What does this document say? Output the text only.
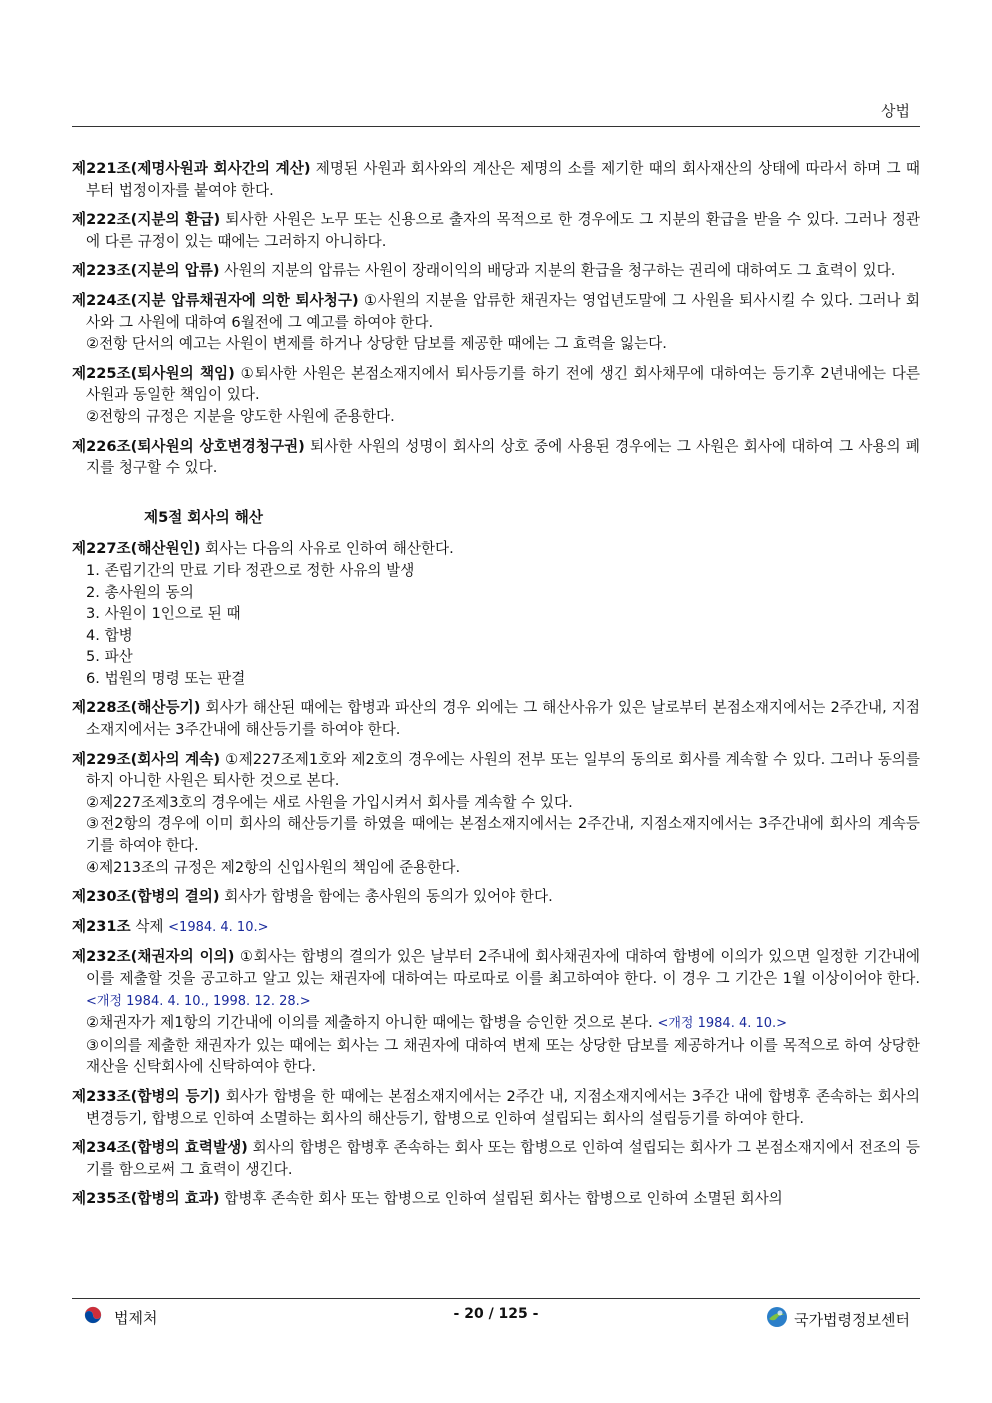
상법
제221조(제명사원과 회사간의 계산) 제명된 사원과 회사와의 계산은 제명의 소를 제기한 때의 회사재산의 상태에 따라서 하며 그 때부터 법정이자를 붙여야 한다.
제222조(지분의 환급) 퇴사한 사원은 노무 또는 신용으로 출자의 목적으로 한 경우에도 그 지분의 환급을 받을 수 있다. 그러나 정관에 다른 규정이 있는 때에는 그러하지 아니하다.
제223조(지분의 압류) 사원의 지분의 압류는 사원이 장래이익의 배당과 지분의 환급을 청구하는 권리에 대하여도 그 효력이 있다.
제224조(지분 압류채권자에 의한 퇴사청구) ①사원의 지분을 압류한 채권자는 영업년도말에 그 사원을 퇴사시킬 수 있다. 그러나 회사와 그 사원에 대하여 6월전에 그 예고를 하여야 한다.
②전항 단서의 예고는 사원이 변제를 하거나 상당한 담보를 제공한 때에는 그 효력을 잃는다.
제225조(퇴사원의 책임) ①퇴사한 사원은 본점소재지에서 퇴사등기를 하기 전에 생긴 회사채무에 대하여는 등기후 2년내에는 다른 사원과 동일한 책임이 있다.
②전항의 규정은 지분을 양도한 사원에 준용한다.
제226조(퇴사원의 상호변경청구권) 퇴사한 사원의 성명이 회사의 상호 중에 사용된 경우에는 그 사원은 회사에 대하여 그 사용의 폐지를 청구할 수 있다.
제5절 회사의 해산
제227조(해산원인) 회사는 다음의 사유로 인하여 해산한다.
1. 존립기간의 만료 기타 정관으로 정한 사유의 발생
2. 총사원의 동의
3. 사원이 1인으로 된 때
4. 합병
5. 파산
6. 법원의 명령 또는 판결
제228조(해산등기) 회사가 해산된 때에는 합병과 파산의 경우 외에는 그 해산사유가 있은 날로부터 본점소재지에서는 2주간내, 지점소재지에서는 3주간내에 해산등기를 하여야 한다.
제229조(회사의 계속) ①제227조제1호와 제2호의 경우에는 사원의 전부 또는 일부의 동의로 회사를 계속할 수 있다. 그러나 동의를 하지 아니한 사원은 퇴사한 것으로 본다.
②제227조제3호의 경우에는 새로 사원을 가입시켜서 회사를 계속할 수 있다.
③전2항의 경우에 이미 회사의 해산등기를 하였을 때에는 본점소재지에서는 2주간내, 지점소재지에서는 3주간내에 회사의 계속등기를 하여야 한다.
④제213조의 규정은 제2항의 신입사원의 책임에 준용한다.
제230조(합병의 결의) 회사가 합병을 함에는 총사원의 동의가 있어야 한다.
제231조 삭제 <1984. 4. 10.>
제232조(채권자의 이의) ①회사는 합병의 결의가 있은 날부터 2주내에 회사채권자에 대하여 합병에 이의가 있으면 일정한 기간내에 이를 제출할 것을 공고하고 알고 있는 채권자에 대하여는 따로따로 이를 최고하여야 한다. 이 경우 그 기간은 1월 이상이어야 한다. <개정 1984. 4. 10., 1998. 12. 28.>
②채권자가 제1항의 기간내에 이의를 제출하지 아니한 때에는 합병을 승인한 것으로 본다. <개정 1984. 4. 10.>
③이의를 제출한 채권자가 있는 때에는 회사는 그 채권자에 대하여 변제 또는 상당한 담보를 제공하거나 이를 목적으로 하여 상당한 재산을 신탁회사에 신탁하여야 한다.
제233조(합병의 등기) 회사가 합병을 한 때에는 본점소재지에서는 2주간 내, 지점소재지에서는 3주간 내에 합병후 존속하는 회사의 변경등기, 합병으로 인하여 소멸하는 회사의 해산등기, 합병으로 인하여 설립되는 회사의 설립등기를 하여야 한다.
제234조(합병의 효력발생) 회사의 합병은 합병후 존속하는 회사 또는 합병으로 인하여 설립되는 회사가 그 본점소재지에서 전조의 등기를 함으로써 그 효력이 생긴다.
제235조(합병의 효과) 합병후 존속한 회사 또는 합병으로 인하여 설립된 회사는 합병으로 인하여 소멸된 회사의
법제처	- 20 / 125 -	국가법령정보센터
